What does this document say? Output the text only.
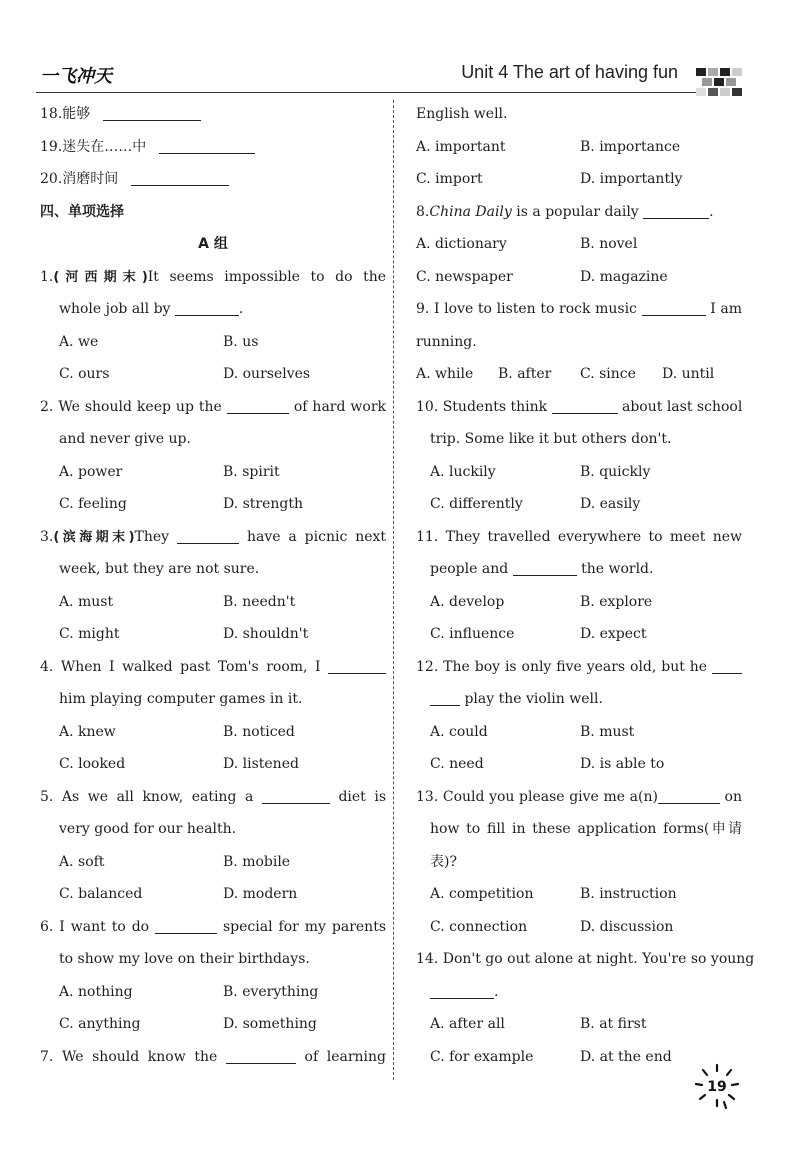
一飞冲天	Unit 4 The art of having fun
18.能够
19.迷失在……中
20.消磨时间
四、单项选择
A 组
1.(河西期末)It seems impossible to do the
whole job all by	.
A. we	B. us
C. ours	D. ourselves
2. We should keep up the	of hard work
and never give up.
A. power	B. spirit
C. feeling	D. strength
3.(滨海期末)They	have a picnic next
week, but they are not sure.
A. must	B. needn't
C. might	D. shouldn't
4. When I walked past Tom's room, I
him playing computer games in it.
A. knew	B. noticed
C. looked	D. listened
5. As we all know, eating a	diet is
very good for our health.
A. soft	B. mobile
C. balanced	D. modern
6. I want to do	special for my parents
to show my love on their birthdays.
A. nothing	B. everything
C. anything	D. something
7. We should know the	of learning
English well.
A. important	B. importance
C. import	D. importantly
8.China Daily is a popular daily	.
A. dictionary	B. novel
C. newspaper	D. magazine
9. I love to listen to rock music	I am
running.
A. while B. after C. since D. until
10. Students think	about last school
trip. Some like it but others don't.
A. luckily	B. quickly
C. differently	D. easily
11. They travelled everywhere to meet new
people and	the world.
A. develop	B. explore
C. influence	D. expect
12. The boy is only five years old, but he
play the violin well.
A. could	B. must
C. need	D. is able to
13. Could you please give me a(n)	on
how to fill in these application forms(申请
表)?
A. competition	B. instruction
C. connection	D. discussion
14. Don't go out alone at night. You're so young
.
A. after all	B. at first
C. for example	D. at the end
19
